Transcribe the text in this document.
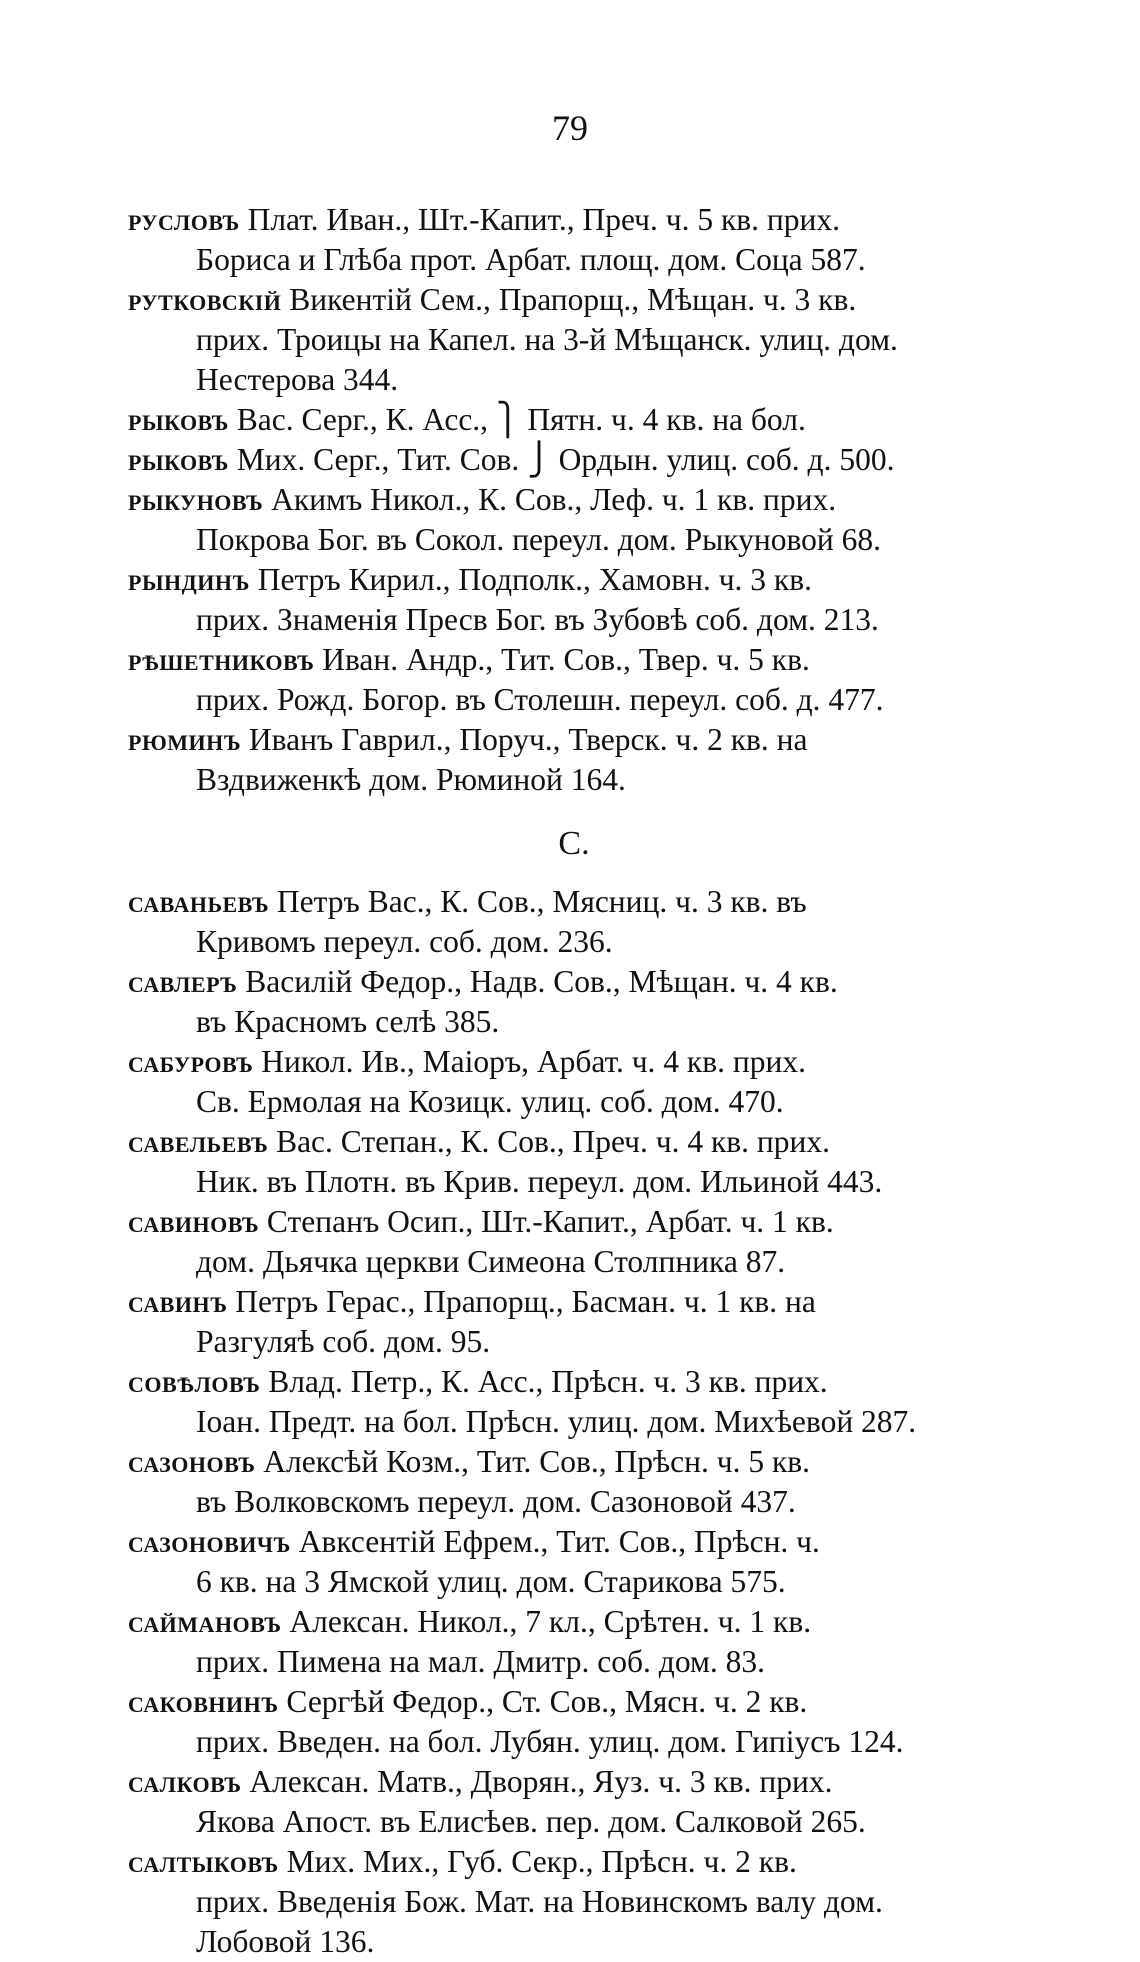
79

русловъ Плат. Иван., Шт.-Капит., Преч. ч. 5 кв. прих.

Бориса и Глѣба прот. Арбат. площ. дом. Соца 587.

рутковскій Викентій Сем., Прапорщ., Мѣщан. ч. 3 кв.

прих. Троицы на Капел. на 3-й Мѣщанск. улиц. дом.

Нестерова 344.

рыковъ Вас. Серг., К. Асс., ⎫ Пятн. ч. 4 кв. на бол.

рыковъ Мих. Серг., Тит. Сов. ⎭ Ордын. улиц. соб. д. 500.

рыкуновъ Акимъ Никол., К. Сов., Леф. ч. 1 кв. прих.

Покрова Бог. въ Сокол. переул. дом. Рыкуновой 68.

рындинъ Петръ Кирил., Подполк., Хамовн. ч. 3 кв.

прих. Знаменія Пресв Бог. въ Зубовѣ соб. дом. 213.

рѣшетниковъ Иван. Андр., Тит. Сов., Твер. ч. 5 кв.

прих. Рожд. Богор. въ Столешн. переул. соб. д. 477.

рюминъ Иванъ Гаврил., Поруч., Тверск. ч. 2 кв. на

Вздвиженкѣ дом. Рюминой 164.

С.

саваньевъ Петръ Вас., К. Сов., Мясниц. ч. 3 кв. въ

Кривомъ переул. соб. дом. 236.

савлеръ Василій Федор., Надв. Сов., Мѣщан. ч. 4 кв.

въ Красномъ селѣ 385.

сабуровъ Никол. Ив., Маіоръ, Арбат. ч. 4 кв. прих.

Св. Ермолая на Козицк. улиц. соб. дом. 470.

савельевъ Вас. Степан., К. Сов., Преч. ч. 4 кв. прих.

Ник. въ Плотн. въ Крив. переул. дом. Ильиной 443.

савиновъ Степанъ Осип., Шт.-Капит., Арбат. ч. 1 кв.

дом. Дьячка церкви Симеона Столпника 87.

савинъ Петръ Герас., Прапорщ., Басман. ч. 1 кв. на

Разгуляѣ соб. дом. 95.

совѣловъ Влад. Петр., К. Асс., Прѣсн. ч. 3 кв. прих.

Іоан. Предт. на бол. Прѣсн. улиц. дом. Михѣевой 287.

сазоновъ Алексѣй Козм., Тит. Сов., Прѣсн. ч. 5 кв.

въ Волковскомъ переул. дом. Сазоновой 437.

сазоновичъ Авксентій Ефрем., Тит. Сов., Прѣсн. ч.

6 кв. на 3 Ямской улиц. дом. Старикова 575.

саймановъ Алексан. Никол., 7 кл., Срѣтен. ч. 1 кв.

прих. Пимена на мал. Дмитр. соб. дом. 83.

саковнинъ Сергѣй Федор., Ст. Сов., Мясн. ч. 2 кв.

прих. Введен. на бол. Лубян. улиц. дом. Гипіусъ 124.

салковъ Алексан. Матв., Дворян., Яуз. ч. 3 кв. прих.

Якова Апост. въ Елисѣев. пер. дом. Салковой 265.

салтыковъ Мих. Мих., Губ. Секр., Прѣсн. ч. 2 кв.

прих. Введенія Бож. Мат. на Новинскомъ валу дом.

Лобовой 136.
